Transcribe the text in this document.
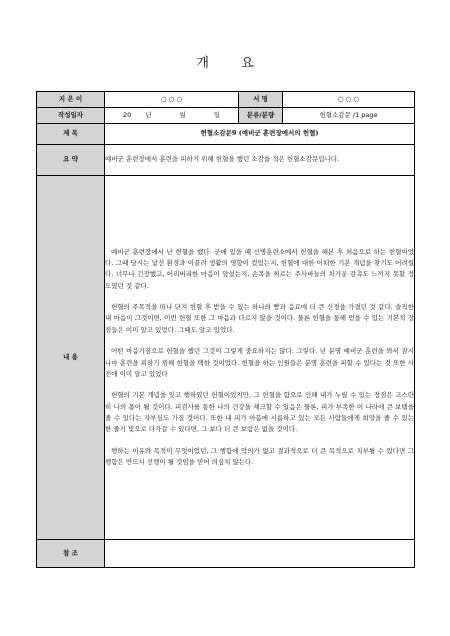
개 요
지 은 이	○ ○ ○	서 명	○ ○ ○
작성일자	20 년 월 일	분류/분량	헌혈소감문 /1 page
제 목	헌혈소감문9 (예비군 훈련장에서의 헌혈)		
요 약	예비군 훈련장에서 훈련을 피하기 위해 헌혈을 했던 소감을 적은 헌혈소감문입니다.		
내 용	예비군 훈련장에서 난 헌혈을 했다. 군에 있을 때 신병훈련소에서 헌혈을 해본 후 처음으로 하는 헌혈이었다. 그때 당시는 낯선 환경과 이끌려 생활의 영향이 컸었는지, 헌혈에 대한 어떠한 기본 개념을 찾기도 어려웠다. 너무나 긴장했고, 어리버리한 마음이 앞섰는지, 손목을 찌르는 주사바늘의 차가운 감촉도 느끼지 못할 정도였던 것 같다.

헌혈의 주목적을 떠나 단지 헌혈 후 받을 수 있는 하나의 빵과 음료에 더 큰 신경을 가졌던 것 같다. 솔직한 내 마음이 그것이면, 이번 헌혈 또한 그 마음과 다르지 않을 것이다. 물론 헌혈을 통해 얻을 수 있는 기본적 장점들은 이미 알고 있었다. 그때도 알고 있었다.

어떤 마음가짐으로 헌혈을 했던 그것이 그렇게 중요하지는 않다. 그렇다. 난 분명 예비군 훈련을 와서 잠시나마 훈련을 피하기 위해 헌혈을 택한 것이었다. 헌혈을 하는 인원들은 분명 훈련을 피할 수 있다는 것 또한 사전에 이미 알고 있었다

헌혈의 기본 개념을 잊고 행하였던 헌혈이었지만, 그 헌혈을 함으로 인해 내가 누릴 수 있는 장점은 고스란히 나의 몫이 될 것이다. 피검사를 통한 나의 건강을 체크할 수 있음은 물론, 피가 부족한 이 나라에 큰 보탬을 줄 수 있다는 자부심도 가질 것이다. 또한 내 피가 아픔에 시름하고 있는 모든 사람들에게 희망을 줄 수 있는 한 줄기 빛으로 다가갈 수 있다면, 그 보다 더 큰 보람은 없을 것이다.

행하는 이유와 목적이 무엇이었던, 그 행함에 악의가 없고 결과적으로 더 큰 목적으로 치부될 수 있다면 그 행함은 반드시 선행이 될 것임을 믿어 의심치 않는다.		

참 조			
